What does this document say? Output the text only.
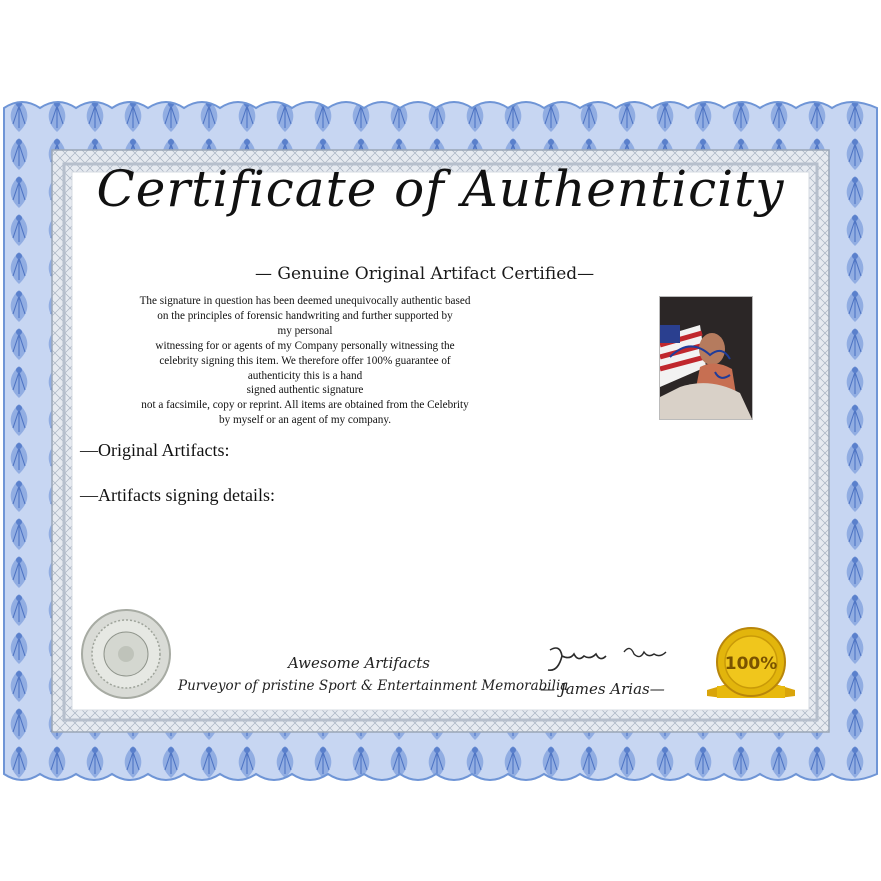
Certificate of Authenticity
— Genuine Original Artifact Certified—
The signature in question has been deemed unequivocally authentic based
on the principles of forensic handwriting and further supported by
my personal
witnessing for or agents of my Company personally witnessing the
celebrity signing this item. We therefore offer 100% guarantee of
authenticity this is a hand
signed authentic signature
not a facsimile, copy or reprint. All items are obtained from the Celebrity
by myself or an agent of my company.
—Original Artifacts:
—Artifacts signing details:
Awesome Artifacts
Purveyor of pristine Sport & Entertainment Memorabilia
— James Arias—
100%
